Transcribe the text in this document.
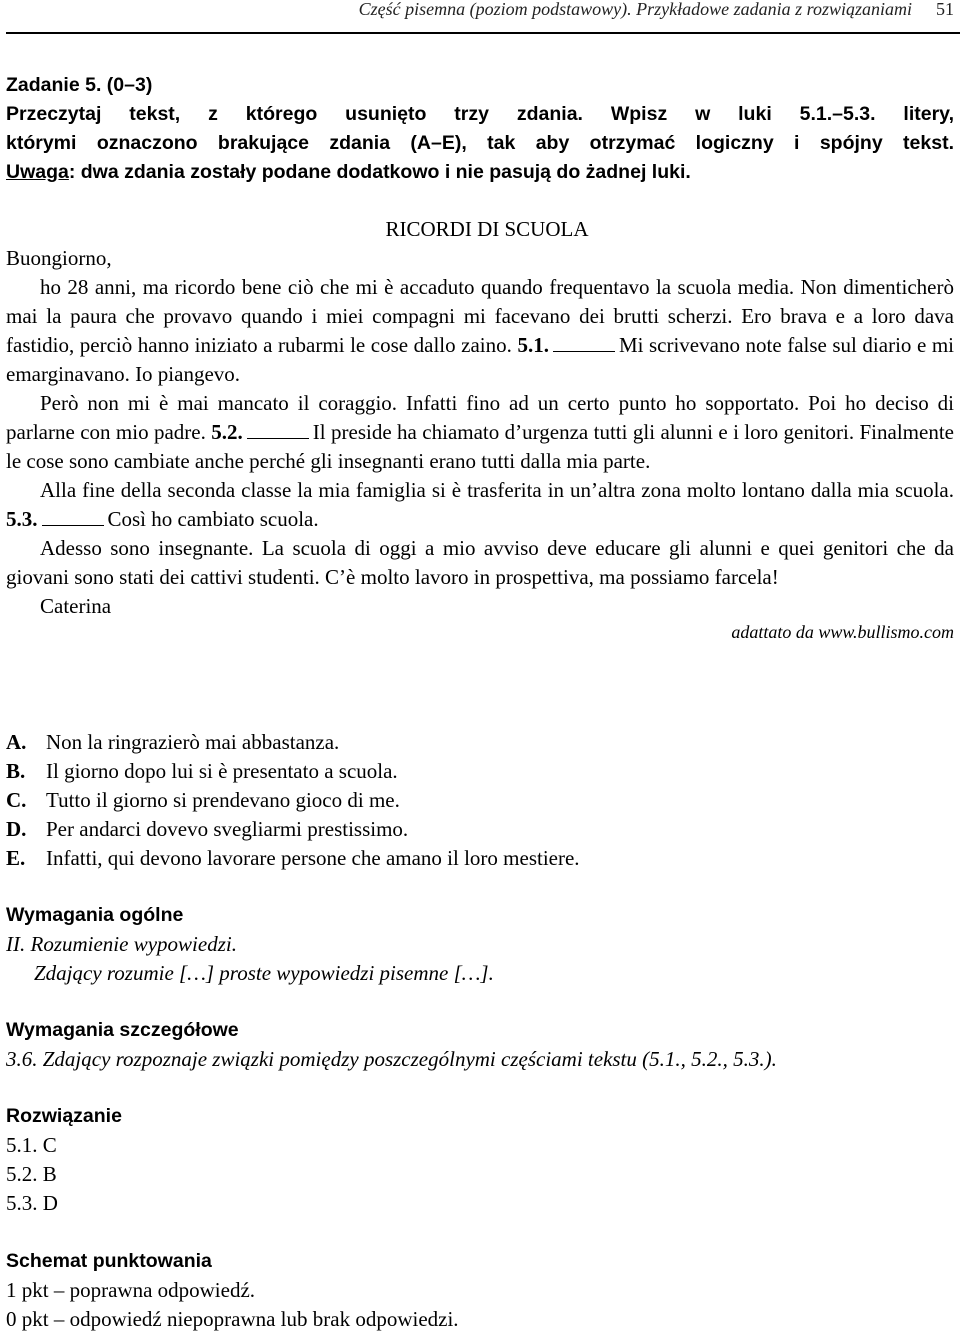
Część pisemna (poziom podstawowy). Przykładowe zadania z rozwiązaniami 51
Zadanie 5. (0–3)
Przeczytaj tekst, z którego usunięto trzy zdania. Wpisz w luki 5.1.–5.3. litery,
którymi oznaczono brakujące zdania (A–E), tak aby otrzymać logiczny i spójny tekst.
Uwaga: dwa zdania zostały podane dodatkowo i nie pasują do żadnej luki.
RICORDI DI SCUOLA
Buongiorno,
ho 28 anni, ma ricordo bene ciò che mi è accaduto quando frequentavo la scuola media. Non dimenticherò mai la paura che provavo quando i miei compagni mi facevano dei brutti scherzi. Ero brava e a loro dava fastidio, perciò hanno iniziato a rubarmi le cose dallo zaino. 5.1.	Mi scrivevano note false sul diario e mi emarginavano. Io piangevo.
Però non mi è mai mancato il coraggio. Infatti fino ad un certo punto ho sopportato. Poi ho deciso di parlarne con mio padre. 5.2.	Il preside ha chiamato d’urgenza tutti gli alunni e i loro genitori. Finalmente le cose sono cambiate anche perché gli insegnanti erano tutti dalla mia parte.
Alla fine della seconda classe la mia famiglia si è trasferita in un’altra zona molto lontano dalla mia scuola. 5.3.	Così ho cambiato scuola.
Adesso sono insegnante. La scuola di oggi a mio avviso deve educare gli alunni e quei genitori che da giovani sono stati dei cattivi studenti. C’è molto lavoro in prospettiva, ma possiamo farcela!
Caterina
adattato da www.bullismo.com
A. Non la ringrazierò mai abbastanza.
B. Il giorno dopo lui si è presentato a scuola.
C. Tutto il giorno si prendevano gioco di me.
D. Per andarci dovevo svegliarmi prestissimo.
E. Infatti, qui devono lavorare persone che amano il loro mestiere.
Wymagania ogólne
II. Rozumienie wypowiedzi.
Zdający rozumie […] proste wypowiedzi pisemne […].
Wymagania szczegółowe
3.6. Zdający rozpoznaje związki pomiędzy poszczególnymi częściami tekstu (5.1., 5.2., 5.3.).
Rozwiązanie
5.1. C
5.2. B
5.3. D
Schemat punktowania
1 pkt – poprawna odpowiedź.
0 pkt – odpowiedź niepoprawna lub brak odpowiedzi.
